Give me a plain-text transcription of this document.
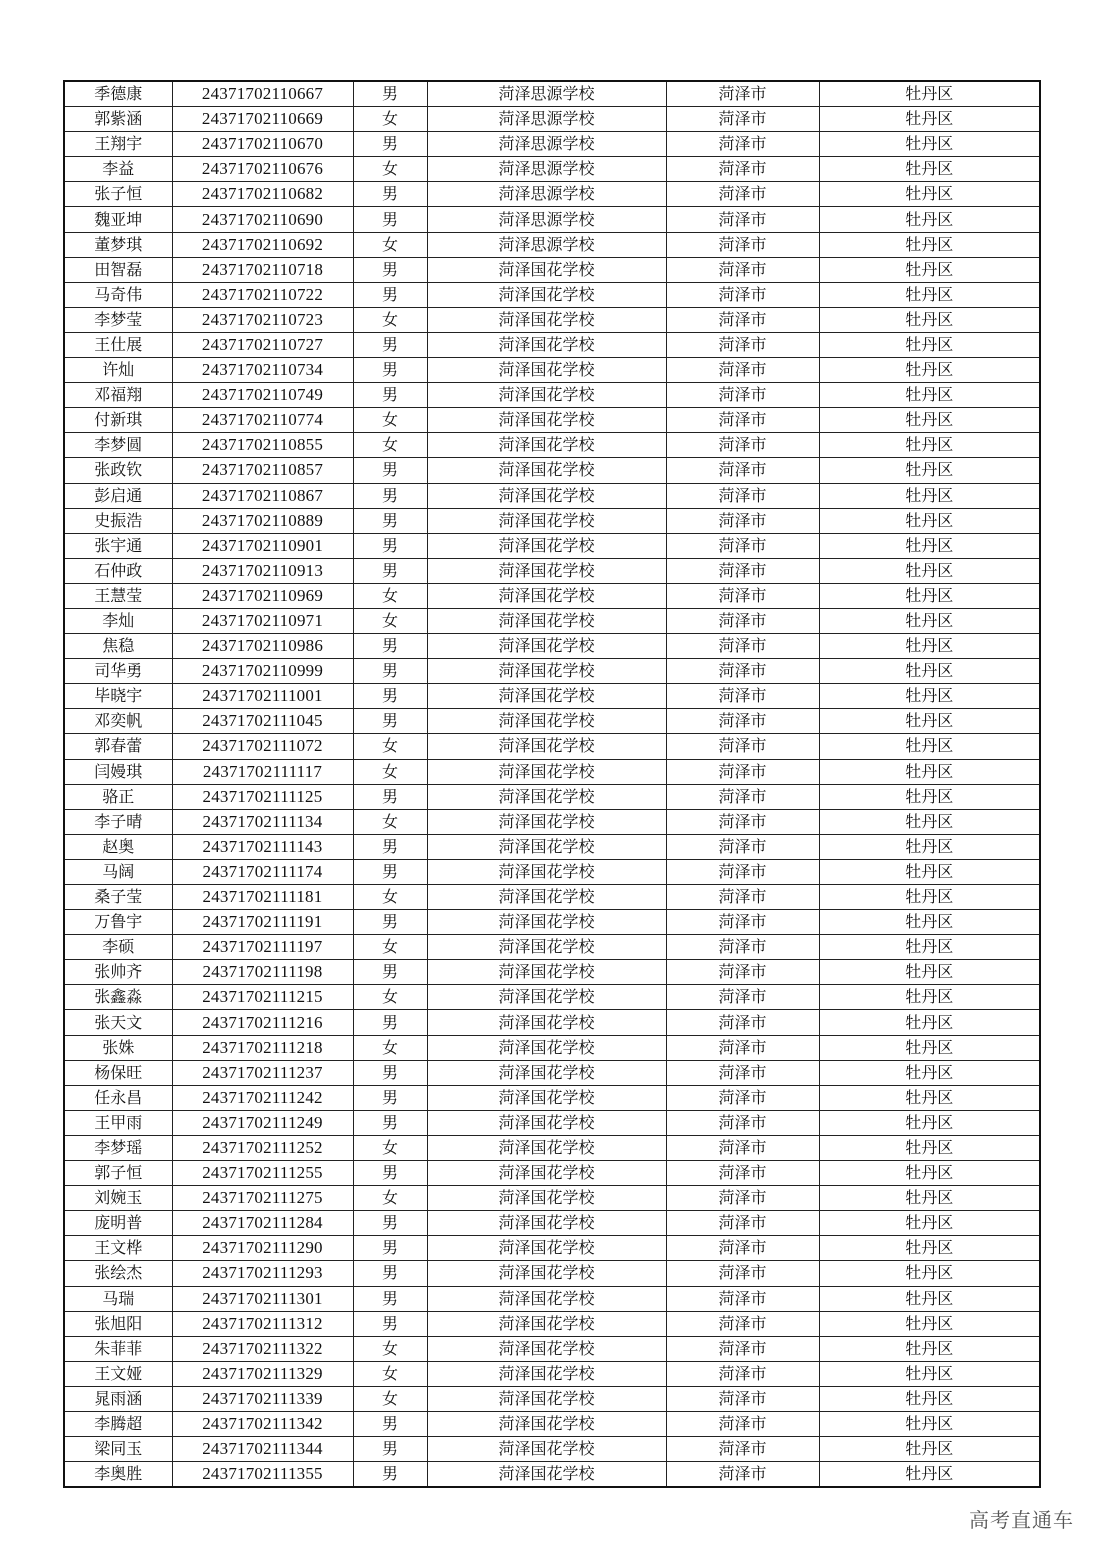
季德康	24371702110667	男	菏泽思源学校	菏泽市	牡丹区
郭紫涵	24371702110669	女	菏泽思源学校	菏泽市	牡丹区
王翔宇	24371702110670	男	菏泽思源学校	菏泽市	牡丹区
李益	24371702110676	女	菏泽思源学校	菏泽市	牡丹区
张子恒	24371702110682	男	菏泽思源学校	菏泽市	牡丹区
魏亚坤	24371702110690	男	菏泽思源学校	菏泽市	牡丹区
董梦琪	24371702110692	女	菏泽思源学校	菏泽市	牡丹区
田智磊	24371702110718	男	菏泽国花学校	菏泽市	牡丹区
马奇伟	24371702110722	男	菏泽国花学校	菏泽市	牡丹区
李梦莹	24371702110723	女	菏泽国花学校	菏泽市	牡丹区
王仕展	24371702110727	男	菏泽国花学校	菏泽市	牡丹区
许灿	24371702110734	男	菏泽国花学校	菏泽市	牡丹区
邓福翔	24371702110749	男	菏泽国花学校	菏泽市	牡丹区
付新琪	24371702110774	女	菏泽国花学校	菏泽市	牡丹区
李梦圆	24371702110855	女	菏泽国花学校	菏泽市	牡丹区
张政钦	24371702110857	男	菏泽国花学校	菏泽市	牡丹区
彭启通	24371702110867	男	菏泽国花学校	菏泽市	牡丹区
史振浩	24371702110889	男	菏泽国花学校	菏泽市	牡丹区
张宇通	24371702110901	男	菏泽国花学校	菏泽市	牡丹区
石仲政	24371702110913	男	菏泽国花学校	菏泽市	牡丹区
王慧莹	24371702110969	女	菏泽国花学校	菏泽市	牡丹区
李灿	24371702110971	女	菏泽国花学校	菏泽市	牡丹区
焦稳	24371702110986	男	菏泽国花学校	菏泽市	牡丹区
司华勇	24371702110999	男	菏泽国花学校	菏泽市	牡丹区
毕晓宇	24371702111001	男	菏泽国花学校	菏泽市	牡丹区
邓奕帆	24371702111045	男	菏泽国花学校	菏泽市	牡丹区
郭春蕾	24371702111072	女	菏泽国花学校	菏泽市	牡丹区
闫嫚琪	24371702111117	女	菏泽国花学校	菏泽市	牡丹区
骆正	24371702111125	男	菏泽国花学校	菏泽市	牡丹区
李子晴	24371702111134	女	菏泽国花学校	菏泽市	牡丹区
赵奥	24371702111143	男	菏泽国花学校	菏泽市	牡丹区
马阔	24371702111174	男	菏泽国花学校	菏泽市	牡丹区
桑子莹	24371702111181	女	菏泽国花学校	菏泽市	牡丹区
万鲁宇	24371702111191	男	菏泽国花学校	菏泽市	牡丹区
李硕	24371702111197	女	菏泽国花学校	菏泽市	牡丹区
张帅齐	24371702111198	男	菏泽国花学校	菏泽市	牡丹区
张鑫淼	24371702111215	女	菏泽国花学校	菏泽市	牡丹区
张天文	24371702111216	男	菏泽国花学校	菏泽市	牡丹区
张姝	24371702111218	女	菏泽国花学校	菏泽市	牡丹区
杨保旺	24371702111237	男	菏泽国花学校	菏泽市	牡丹区
任永昌	24371702111242	男	菏泽国花学校	菏泽市	牡丹区
王甲雨	24371702111249	男	菏泽国花学校	菏泽市	牡丹区
李梦瑶	24371702111252	女	菏泽国花学校	菏泽市	牡丹区
郭子恒	24371702111255	男	菏泽国花学校	菏泽市	牡丹区
刘婉玉	24371702111275	女	菏泽国花学校	菏泽市	牡丹区
庞明普	24371702111284	男	菏泽国花学校	菏泽市	牡丹区
王文桦	24371702111290	男	菏泽国花学校	菏泽市	牡丹区
张绘杰	24371702111293	男	菏泽国花学校	菏泽市	牡丹区
马瑞	24371702111301	男	菏泽国花学校	菏泽市	牡丹区
张旭阳	24371702111312	男	菏泽国花学校	菏泽市	牡丹区
朱菲菲	24371702111322	女	菏泽国花学校	菏泽市	牡丹区
王文娅	24371702111329	女	菏泽国花学校	菏泽市	牡丹区
晁雨涵	24371702111339	女	菏泽国花学校	菏泽市	牡丹区
李腾超	24371702111342	男	菏泽国花学校	菏泽市	牡丹区
梁同玉	24371702111344	男	菏泽国花学校	菏泽市	牡丹区
李奥胜	24371702111355	男	菏泽国花学校	菏泽市	牡丹区
高考直通车
